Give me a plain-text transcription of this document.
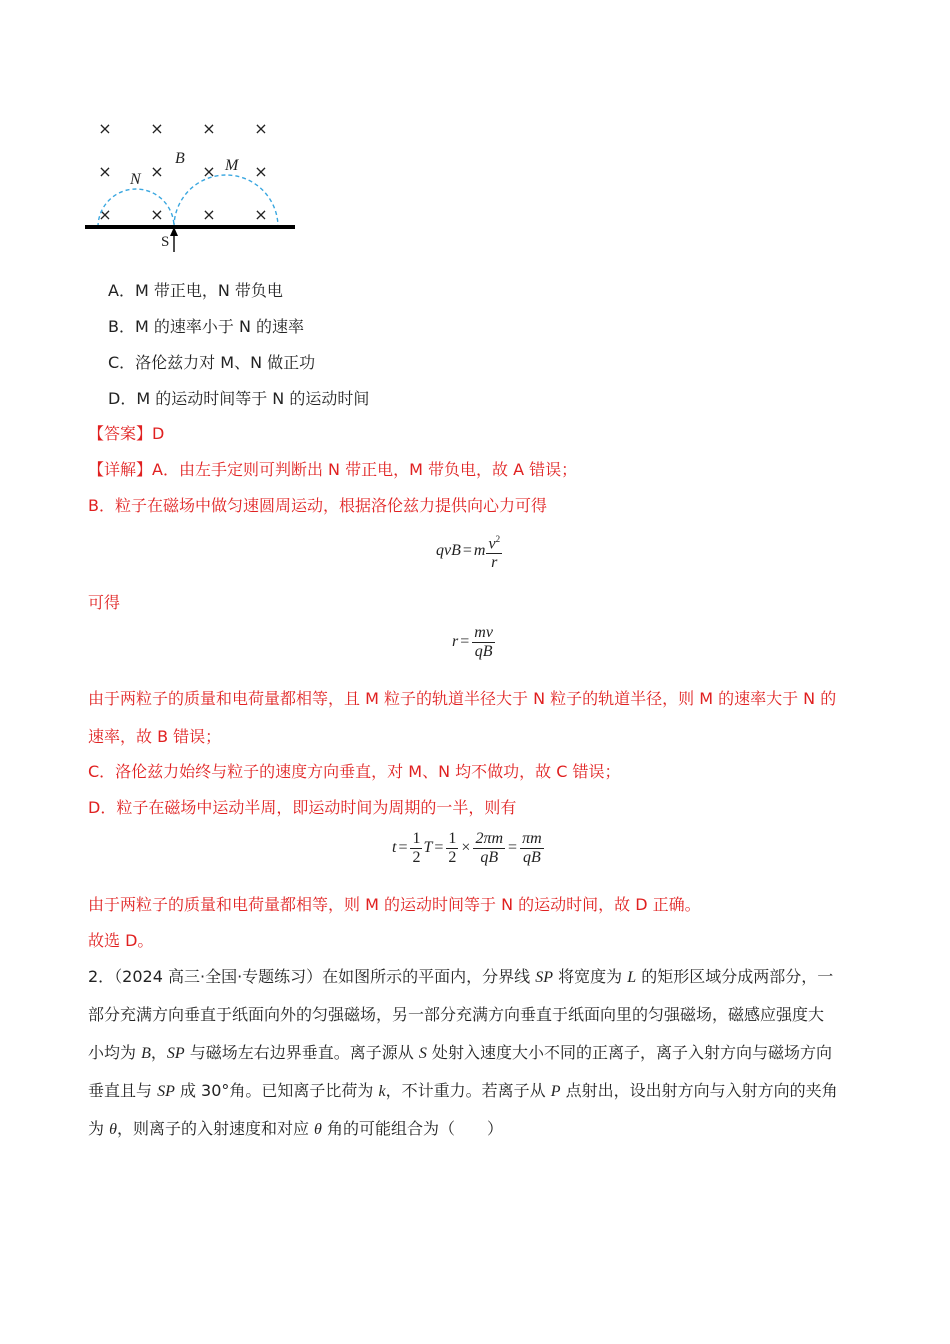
× × × ×
× × × ×
× × × ×
B
N
M
S
A．M 带正电，N 带负电
B．M 的速率小于 N 的速率
C．洛伦兹力对 M、N 做正功
D．M 的运动时间等于 N 的运动时间
【答案】D
【详解】A．由左手定则可判断出 N 带正电，M 带负电，故 A 错误；
B．粒子在磁场中做匀速圆周运动，根据洛伦兹力提供向心力可得
qvB = m $\frac{v^2}{r}$
可得
$r = \frac{mv}{qB}$
由于两粒子的质量和电荷量都相等，且 M 粒子的轨道半径大于 N 粒子的轨道半径，则 M 的速率大于 N 的
速率，故 B 错误；
C．洛伦兹力始终与粒子的速度方向垂直，对 M、N 均不做功，故 C 错误；
D．粒子在磁场中运动半周，即运动时间为周期的一半，则有
$t = \frac{1}{2}$ $T = \frac{1}{2} \times \frac{2\pi m}{qB} = \frac{\pi m}{qB}$
由于两粒子的质量和电荷量都相等，则 M 的运动时间等于 N 的运动时间，故 D 正确。
故选 D。
2．（2024 高三·全国·专题练习）在如图所示的平面内，分界线 SP 将宽度为 L 的矩形区域分成两部分，一
部分充满方向垂直于纸面向外的匀强磁场，另一部分充满方向垂直于纸面向里的匀强磁场，磁感应强度大
小均为 B，SP 与磁场左右边界垂直。离子源从 S 处射入速度大小不同的正离子，离子入射方向与磁场方向
垂直且与 SP 成 30°角。已知离子比荷为 k，不计重力。若离子从 P 点射出，设出射方向与入射方向的夹角
为 θ，则离子的入射速度和对应 θ 角的可能组合为（　　）
